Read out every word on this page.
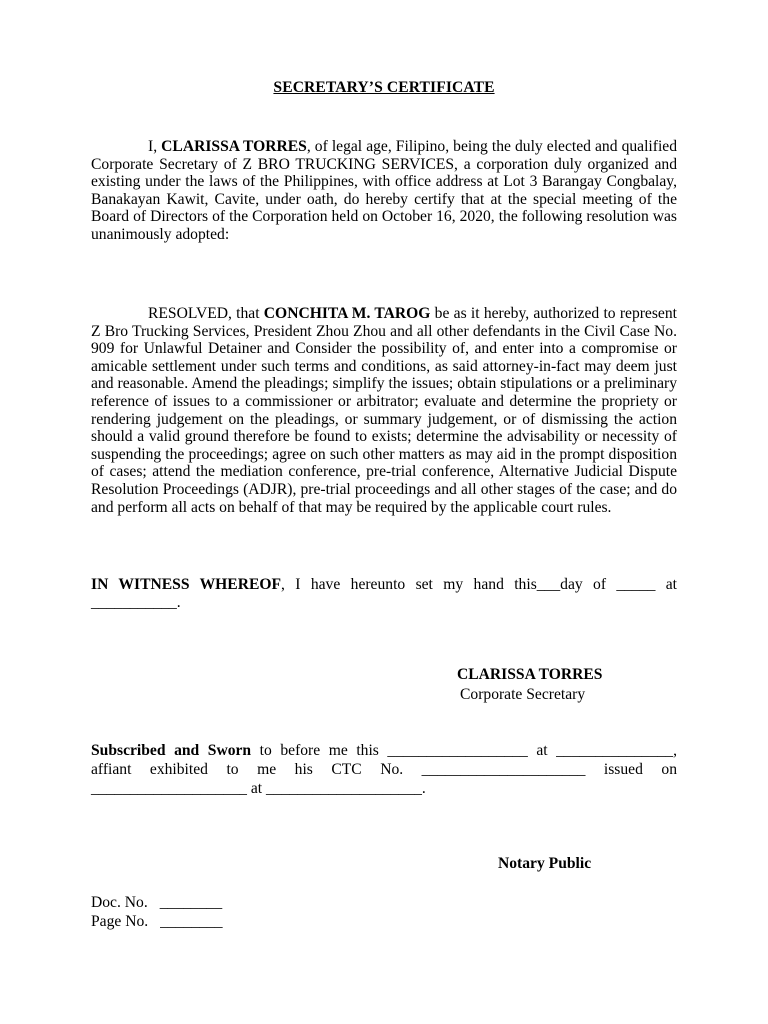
SECRETARY’S CERTIFICATE

I, CLARISSA TORRES, of legal age, Filipino, being the duly elected and qualified Corporate Secretary of Z BRO TRUCKING SERVICES, a corporation duly organized and existing under the laws of the Philippines, with office address at Lot 3 Barangay Congbalay, Banakayan Kawit, Cavite, under oath, do hereby certify that at the special meeting of the Board of Directors of the Corporation held on October 16, 2020, the following resolution was unanimously adopted:

RESOLVED, that CONCHITA M. TAROG be as it hereby, authorized to represent Z Bro Trucking Services, President Zhou Zhou and all other defendants in the Civil Case No. 909 for Unlawful Detainer and Consider the possibility of, and enter into a compromise or amicable settlement under such terms and conditions, as said attorney-in-fact may deem just and reasonable. Amend the pleadings; simplify the issues; obtain stipulations or a preliminary reference of issues to a commissioner or arbitrator; evaluate and determine the propriety or rendering judgement on the pleadings, or summary judgement, or of dismissing the action should a valid ground therefore be found to exists; determine the advisability or necessity of suspending the proceedings; agree on such other matters as may aid in the prompt disposition of cases; attend the mediation conference, pre-trial conference, Alternative Judicial Dispute Resolution Proceedings (ADJR), pre-trial proceedings and all other stages of the case; and do and perform all acts on behalf of that may be required by the applicable court rules.

IN WITNESS WHEREOF, I have hereunto set my hand this___day of _____ at ___________.

CLARISSA TORRES
Corporate Secretary

Subscribed and Sworn to before me this __________________ at _______________, affiant exhibited to me his CTC No. _____________________ issued on ____________________ at ____________________.

Notary Public
Doc. No. ________
Page No. ________
